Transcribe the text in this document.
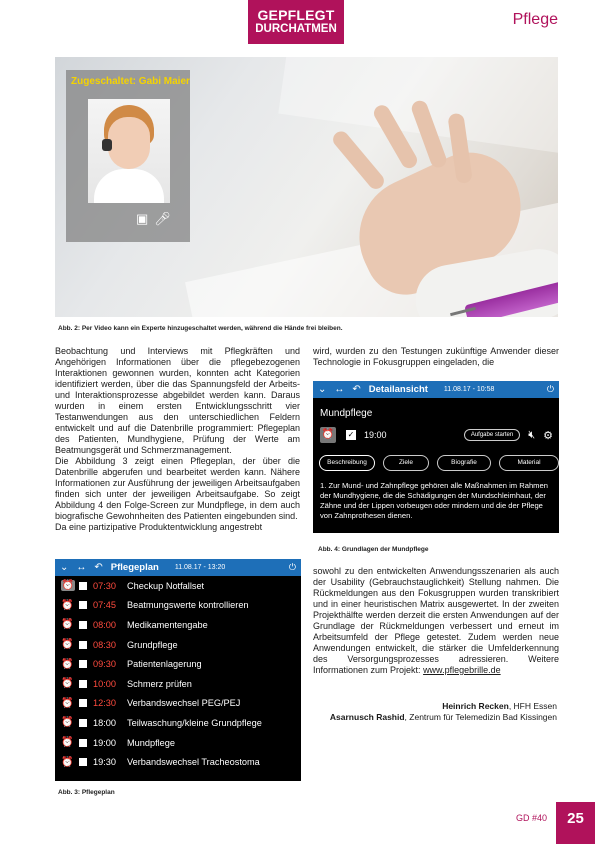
GEPFLEGT
DURCHATMEN
Pflege
Zugeschaltet: Gabi Maier
▣ 🎤︎
Abb. 2: Per Video kann ein Experte hinzugeschaltet werden, während die Hände frei bleiben.

Beobachtung und Interviews mit Pflegkräften und Angehörigen Informationen über die pflegebezogenen Interaktionen gewonnen wurden, konnten acht Kategorien identifiziert werden, über die das Spannungsfeld der Arbeits- und Interaktionsprozesse abgebildet werden kann. Daraus wurden in einem ersten Entwicklungsschritt vier Testanwendungen aus den unterschiedlichen Feldern entwickelt und auf die Datenbrille programmiert: Pflegeplan des Patienten, Mundhygiene, Prüfung der Werte am Beatmungsgerät und Schmerzmanagement.

Die Abbildung 3 zeigt einen Pflegeplan, der über die Datenbrille abgerufen und bearbeitet werden kann. Nähere Informationen zur Ausführung der jeweiligen Arbeitsaufgaben finden sich unter der jeweiligen Arbeitsaufgabe. So zeigt Abbildung 4 den Folge-Screen zur Mundpflege, in dem auch biografische Gewohnheiten des Patienten eingebunden sind.

Da eine partizipative Produktentwicklung angestrebt

wird, wurden zu den Testungen zukünftige Anwender dieser Technologie in Fokusgruppen eingeladen, die

⌄ ↔ ↶ Detailansicht 11.08.17 - 10:58	⏻
Mundpflege
⏰ ✓ 19:00	Aufgabe starten	🔇︎ ⚙
Beschreibung	Ziele	Biografie	Material
1. Zur Mund- und Zahnpflege gehören alle Maßnahmen im Rahmen der Mundhygiene, die die Schädigungen der Mundschleimhaut, der Zähne und der Lippen vorbeugen oder mindern und die der Pflege von Zahnprothesen dienen.
Abb. 4: Grundlagen der Mundpflege
⌄ ↔ ↶ Pflegeplan 11.08.17 - 13:20	⏻
⏰ 07:30	Checkup Notfallset
⏰ 07:45	Beatmungswerte kontrollieren
⏰ 08:00	Medikamentengabe
⏰ 08:30	Grundpflege
⏰ 09:30	Patientenlagerung
⏰ 10:00	Schmerz prüfen
⏰ 12:30	Verbandswechsel PEG/PEJ
⏰ 18:00	Teilwaschung/kleine Grundpflege
⏰ 19:00	Mundpflege
⏰ 19:30	Verbandswechsel Tracheostoma
Abb. 3: Pflegeplan

sowohl zu den entwickelten Anwendungsszenarien als auch der Usability (Gebrauchstauglichkeit) Stellung nahmen. Die Rückmeldungen aus den Fokusgruppen wurden transkribiert und in einer heuristischen Matrix ausgewertet. In der zweiten Projekthälfte werden derzeit die ersten Anwendungen auf der Grundlage der Rückmeldungen verbessert und erneut im Arbeitsumfeld der Pflege getestet. Zudem werden neue Anwendungen entwickelt, die stärker die Umfelderkennung des Versorgungsprozesses adressieren. Weitere Informationen zum Projekt: www.pflegebrille.de

Heinrich Recken, HFH Essen
Asarnusch Rashid, Zentrum für Telemedizin Bad Kissingen
GD #40	25
